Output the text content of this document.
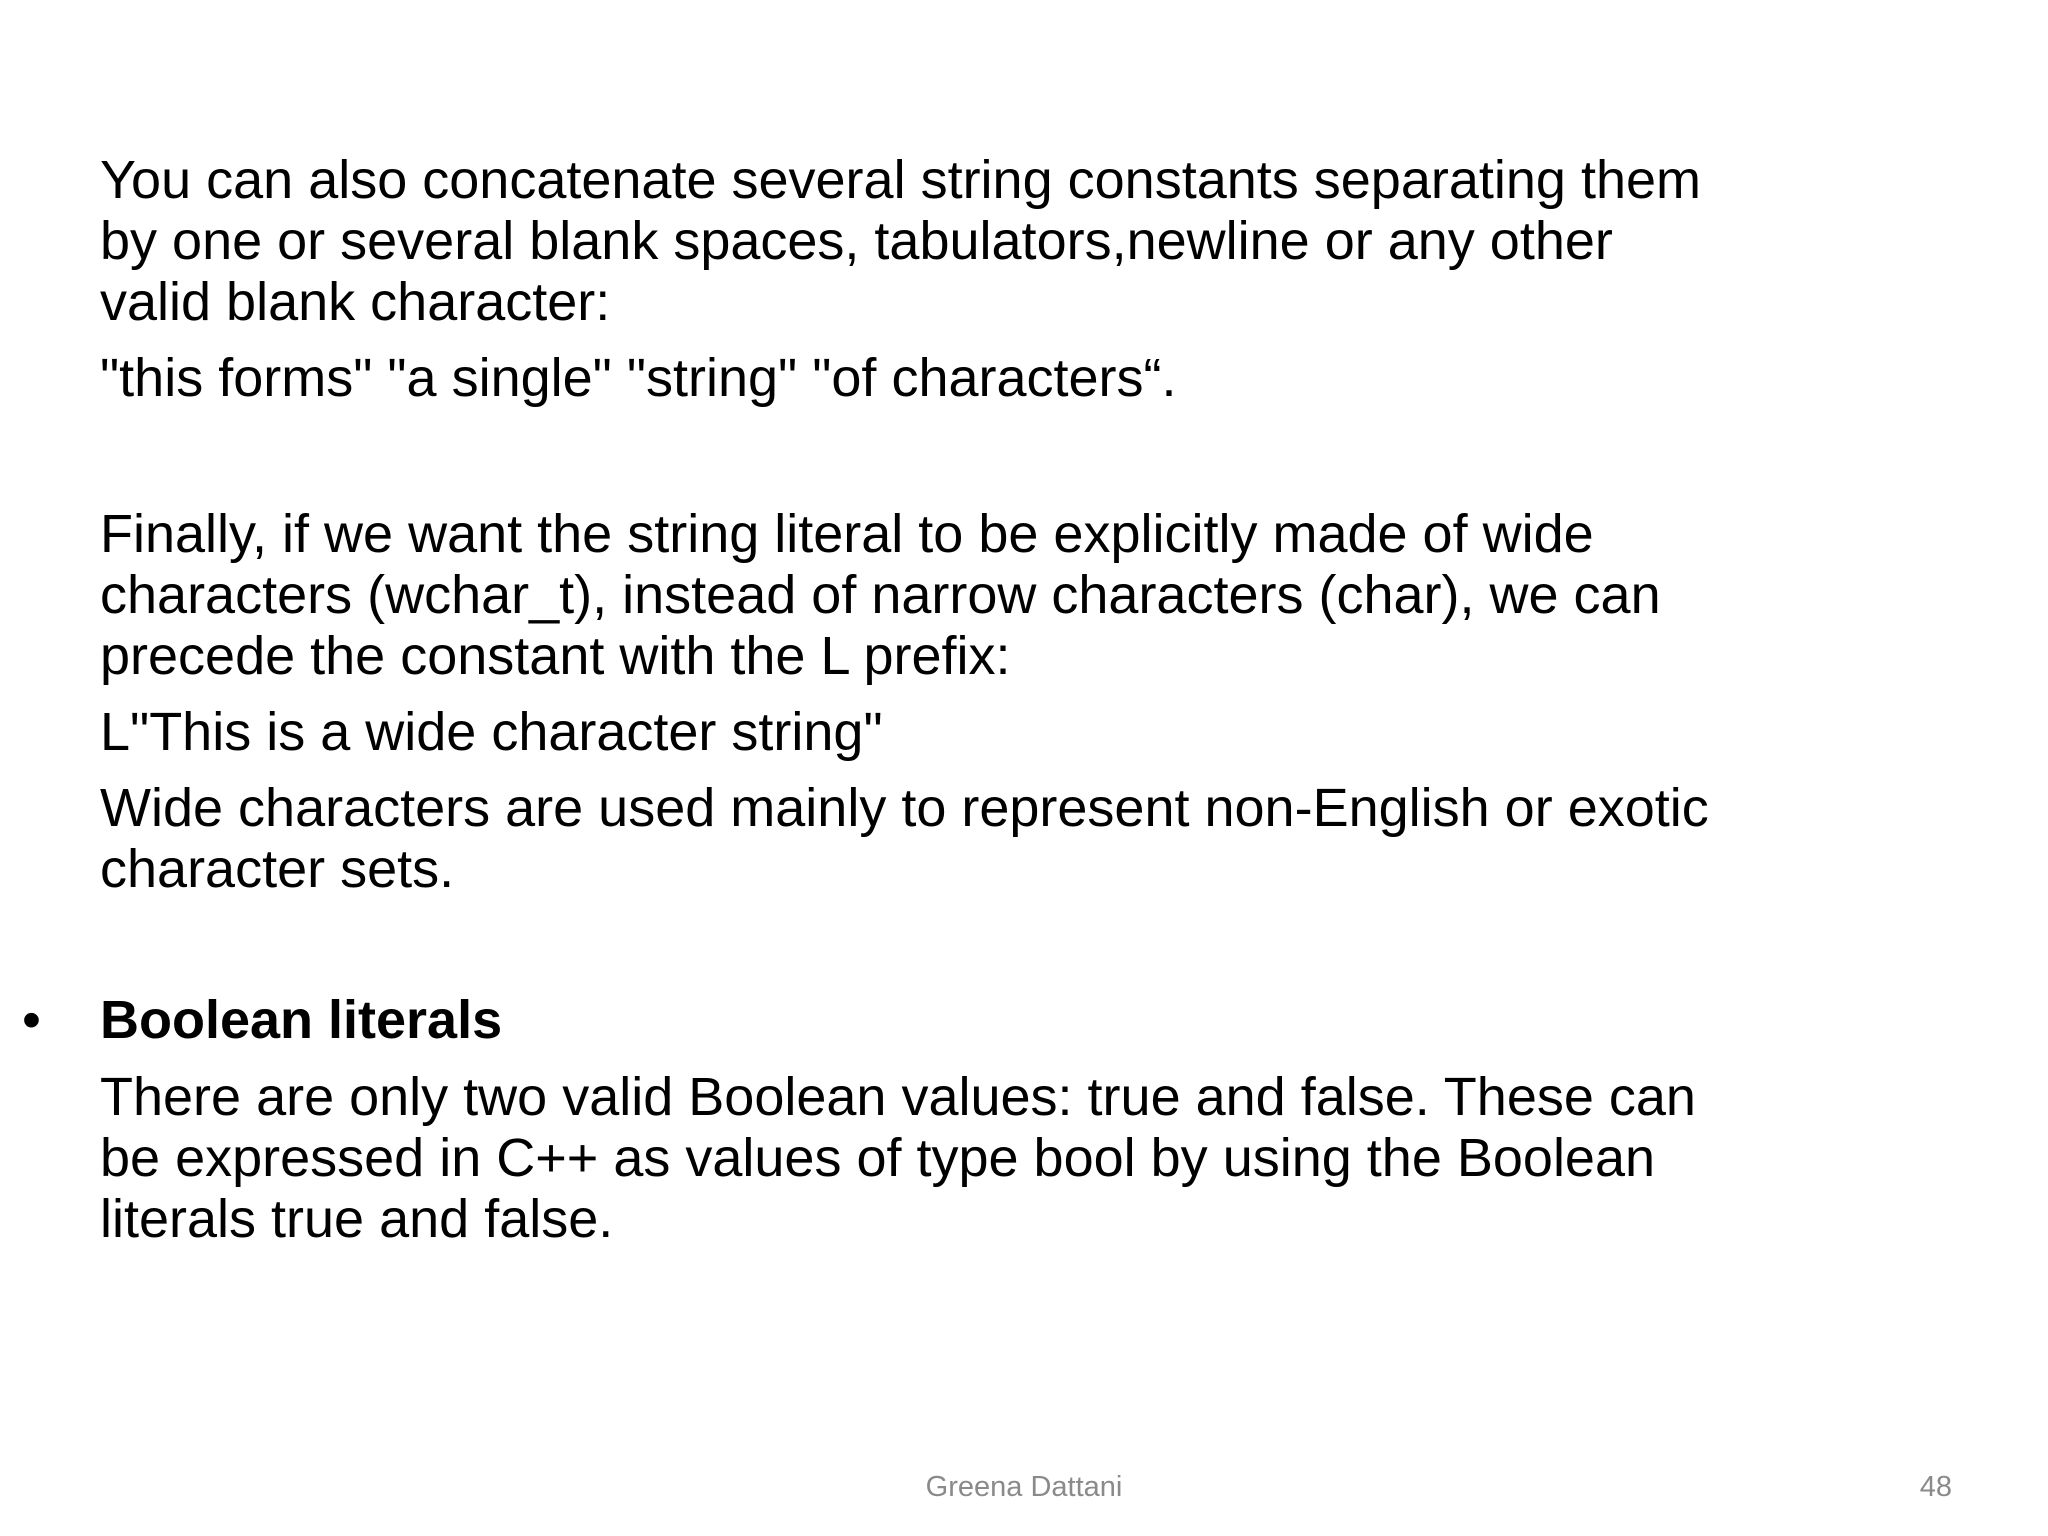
You can also concatenate several string constants separating them
by one or several blank spaces, tabulators,newline or any other
valid blank character:

"this forms" "a single" "string" "of characters“.

Finally, if we want the string literal to be explicitly made of wide
characters (wchar_t), instead of narrow characters (char), we can
precede the constant with the L prefix:

L"This is a wide character string"

Wide characters are used mainly to represent non-English or exotic
character sets.

• Boolean literals

There are only two valid Boolean values: true and false. These can
be expressed in C++ as values of type bool by using the Boolean
literals true and false.

Greena Dattani	48
